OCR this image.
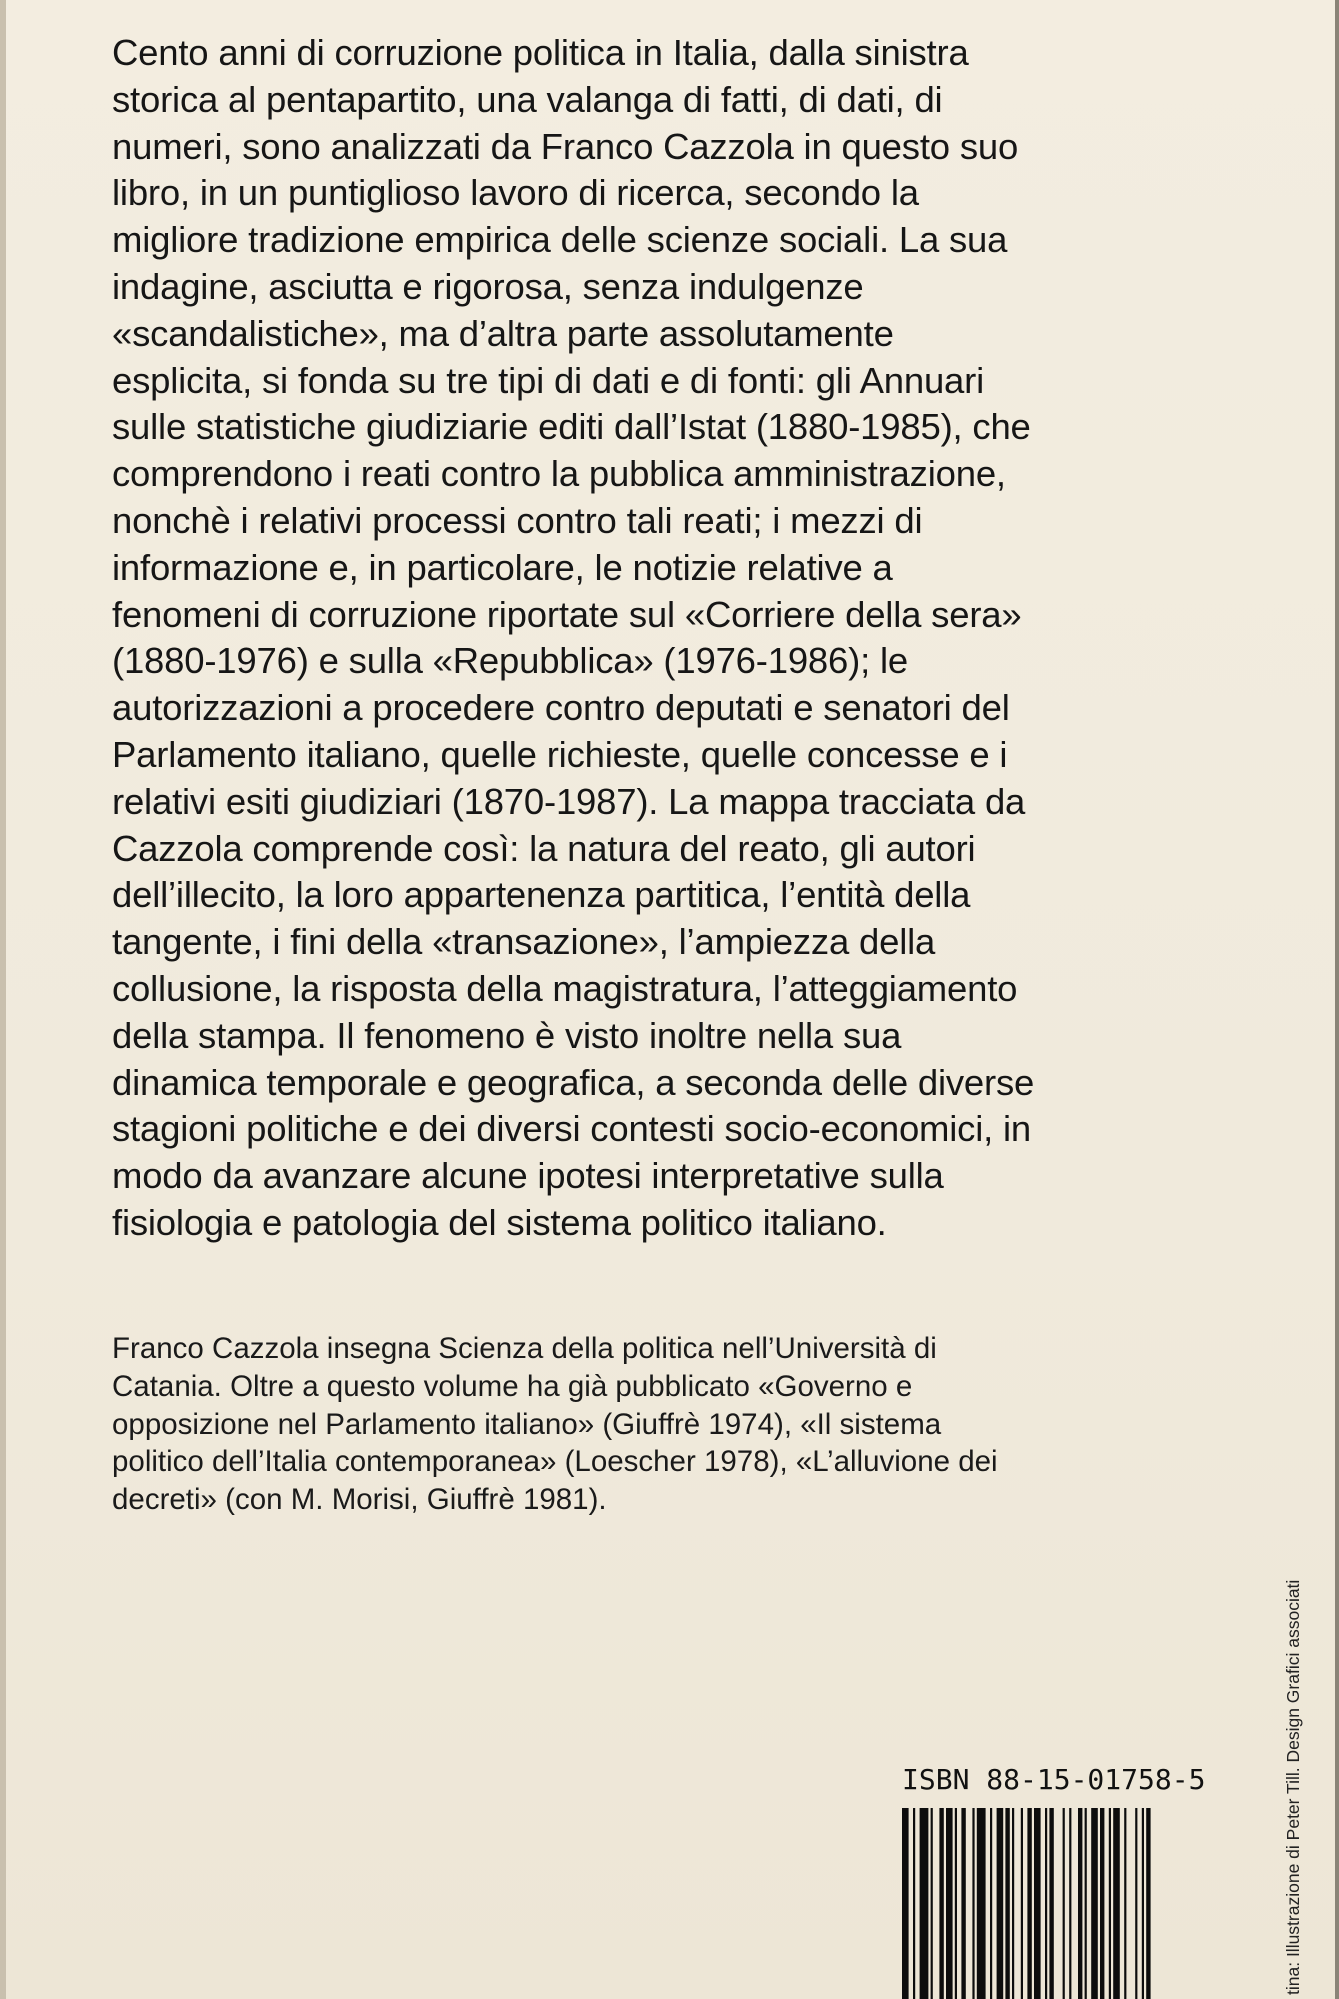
Cento anni di corruzione politica in Italia, dalla sinistra
storica al pentapartito, una valanga di fatti, di dati, di
numeri, sono analizzati da Franco Cazzola in questo suo
libro, in un puntiglioso lavoro di ricerca, secondo la
migliore tradizione empirica delle scienze sociali. La sua
indagine, asciutta e rigorosa, senza indulgenze
«scandalistiche», ma d’altra parte assolutamente
esplicita, si fonda su tre tipi di dati e di fonti: gli Annuari
sulle statistiche giudiziarie editi dall’Istat (1880-1985), che
comprendono i reati contro la pubblica amministrazione,
nonchè i relativi processi contro tali reati; i mezzi di
informazione e, in particolare, le notizie relative a
fenomeni di corruzione riportate sul «Corriere della sera»
(1880-1976) e sulla «Repubblica» (1976-1986); le
autorizzazioni a procedere contro deputati e senatori del
Parlamento italiano, quelle richieste, quelle concesse e i
relativi esiti giudiziari (1870-1987). La mappa tracciata da
Cazzola comprende così: la natura del reato, gli autori
dell’illecito, la loro appartenenza partitica, l’entità della
tangente, i fini della «transazione», l’ampiezza della
collusione, la risposta della magistratura, l’atteggiamento
della stampa. Il fenomeno è visto inoltre nella sua
dinamica temporale e geografica, a seconda delle diverse
stagioni politiche e dei diversi contesti socio-economici, in
modo da avanzare alcune ipotesi interpretative sulla
fisiologia e patologia del sistema politico italiano.
Franco Cazzola insegna Scienza della politica nell’Università di
Catania. Oltre a questo volume ha già pubblicato «Governo e
opposizione nel Parlamento italiano» (Giuffrè 1974), «Il sistema
politico dell’Italia contemporanea» (Loescher 1978), «L’alluvione dei
decreti» (con M. Morisi, Giuffrè 1981).
ISBN 88-15-01758-5	tina: Illustrazione di Peter Till. Design Grafici associati
